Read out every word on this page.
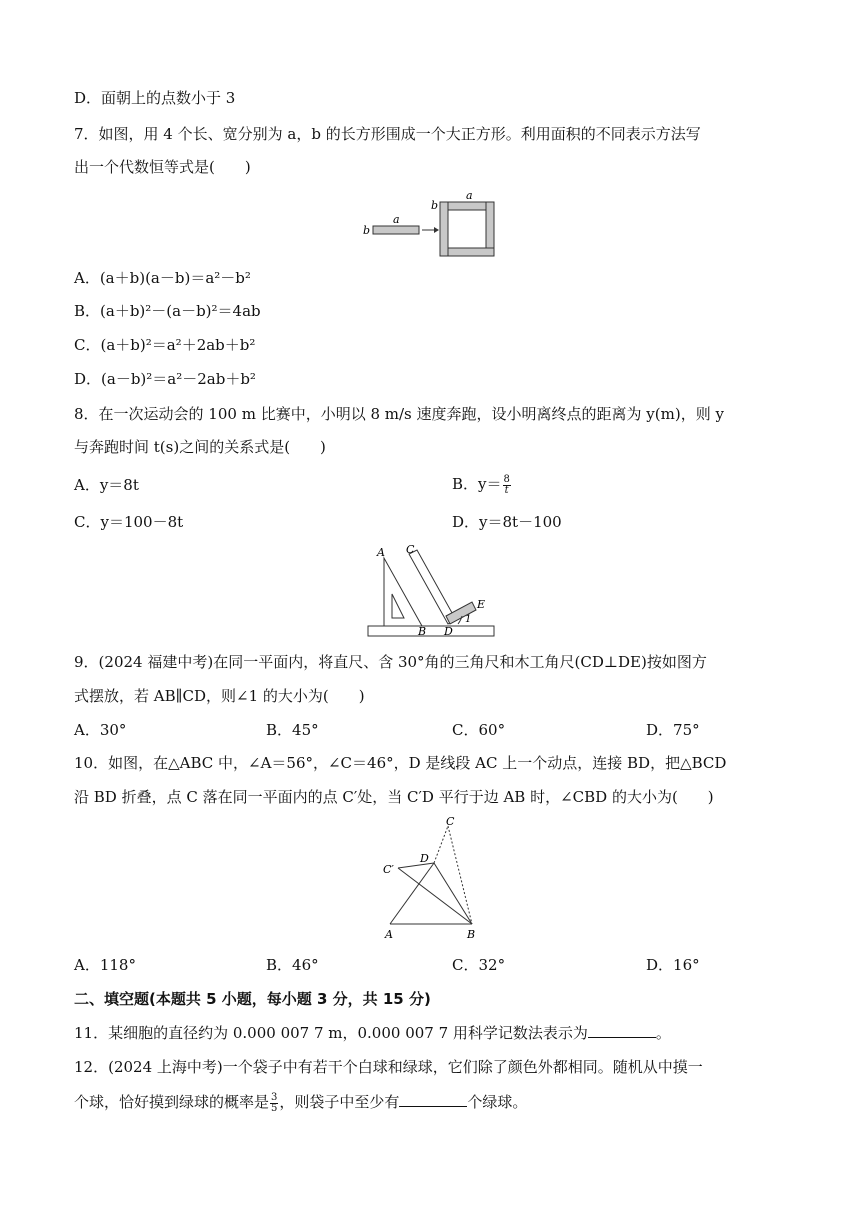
D．面朝上的点数小于 3
7．如图，用 4 个长、宽分别为 a，b 的长方形围成一个大正方形。利用面积的不同表示方法写
出一个代数恒等式是(　　)
a
b
a
b
A．(a＋b)(a－b)＝a²－b²
B．(a＋b)²－(a－b)²＝4ab
C．(a＋b)²＝a²＋2ab＋b²
D．(a－b)²＝a²－2ab＋b²
8．在一次运动会的 100 m 比赛中，小明以 8 m/s 速度奔跑，设小明离终点的距离为 y(m)，则 y
与奔跑时间 t(s)之间的关系式是(　　)
A．y＝8t	B．$y= \frac{8}{t}$
C．y＝100－8t	D．y＝8t－100
A C
E
1
B D
9．(2024 福建中考)在同一平面内，将直尺、含 30°角的三角尺和木工角尺(CD⊥DE)按如图方
式摆放，若 AB∥CD，则∠1 的大小为(　　)
A．30°	B．45°	C．60°	D．75°
10．如图，在△ABC 中，∠A＝56°，∠C＝46°，D 是线段 AC 上一个动点，连接 BD，把△BCD
沿 BD 折叠，点 C 落在同一平面内的点 C′处，当 C′D 平行于边 AB 时，∠CBD 的大小为(　　)
C
D
C′
A	B
A．118°	B．46°	C．32°	D．16°
二、填空题(本题共 5 小题，每小题 3 分，共 15 分)
11．某细胞的直径约为 0.000 007 7 m，0.000 007 7 用科学记数法表示为	。
12．(2024 上海中考)一个袋子中有若干个白球和绿球，它们除了颜色外都相同。随机从中摸一
个球，恰好摸到绿球的概率是 $\frac{3}{5}$ ，则袋子中至少有	个绿球。
